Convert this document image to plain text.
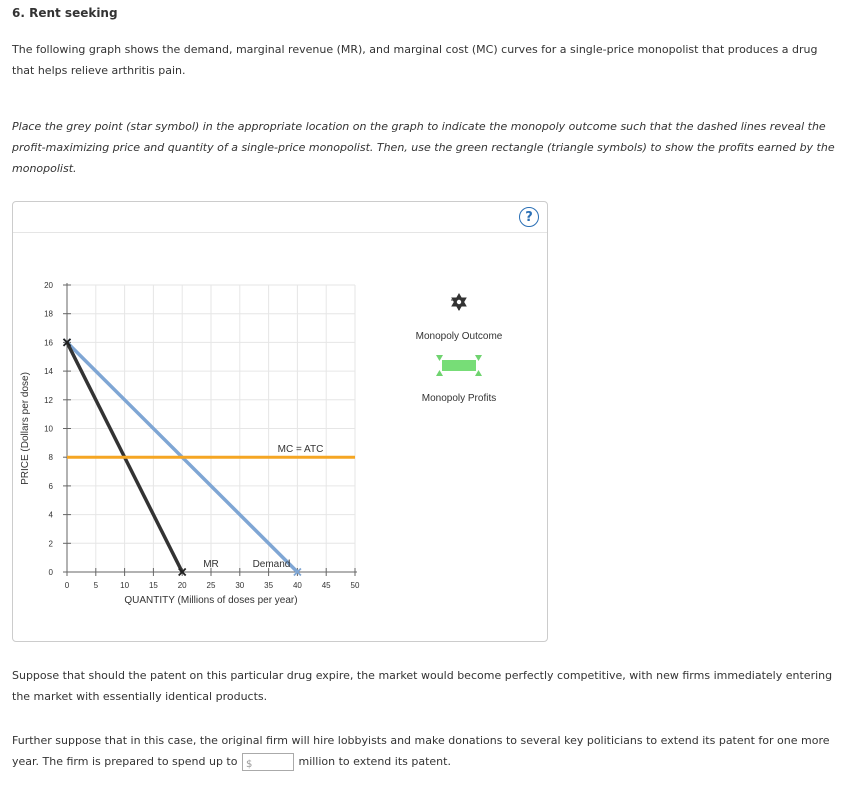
6. Rent seeking

The following graph shows the demand, marginal revenue (MR), and marginal cost (MC) curves for a single-price monopolist that produces a drug that helps relieve arthritis pain.

Place the grey point (star symbol) in the appropriate location on the graph to indicate the monopoly outcome such that the dashed lines reveal the profit-maximizing price and quantity of a single-price monopolist. Then, use the green rectangle (triangle symbols) to show the profits earned by the monopolist.

?
0
2
4
6
8
10
12
14
16
18
20
0	5	10 15 20 25 30 35 40 45 50
QUANTITY (Millions of doses per year)
PRICE (Dollars per dose)	MC = ATC
MR	Demand
Monopoly Outcome
Monopoly Profits

Suppose that should the patent on this particular drug expire, the market would become perfectly competitive, with new firms immediately entering the market with essentially identical products.

Further suppose that in this case, the original firm will hire lobbyists and make donations to several key politicians to extend its patent for one more year. The firm is prepared to spend up to $	million to extend its patent.
